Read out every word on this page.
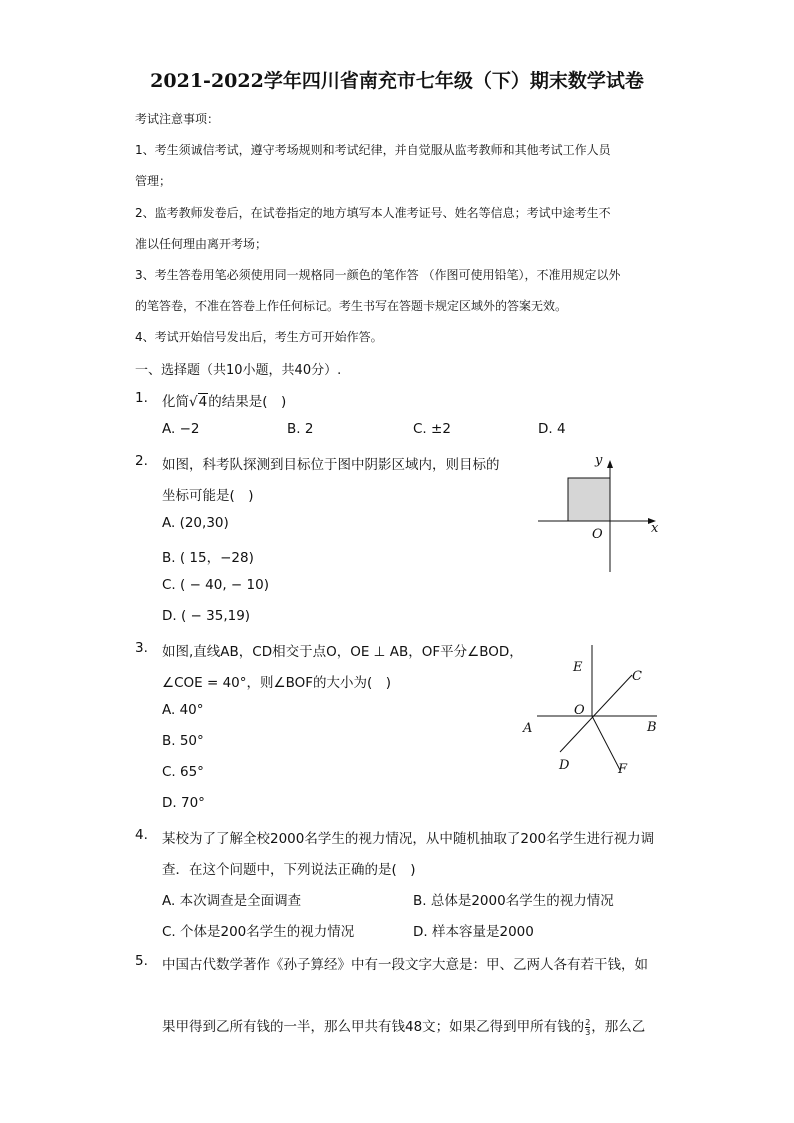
2021-2022学年四川省南充市七年级（下）期末数学试卷
考试注意事项：
1、考生须诚信考试，遵守考场规则和考试纪律，并自觉服从监考教师和其他考试工作人员
管理；
2、监考教师发卷后，在试卷指定的地方填写本人准考证号、姓名等信息；考试中途考生不
准以任何理由离开考场；
3、考生答卷用笔必须使用同一规格同一颜色的笔作答 （作图可使用铅笔），不准用规定以外
的笔答卷，不准在答卷上作任何标记。考生书写在答题卡规定区域外的答案无效。
4、考试开始信号发出后，考生方可开始作答。
一、选择题（共10小题，共40分）.
1. 化简√4的结果是(　)
A. −2	B. 2	C. ±2	D. 4
2. 如图，科考队探测到目标位于图中阴影区域内，则目标的
坐标可能是(　)
A. (20,30)
B. ( 15，−28)
C. ( − 40, − 10)
D. ( − 35,19)
y
x
O
3. 如图,直线AB，CD相交于点O，OE ⊥ AB，OF平分∠BOD，
∠COE = 40°，则∠BOF的大小为(　)
A. 40°
B. 50°
C. 65°
D. 70°
E
C
O
A	B
D	F
4. 某校为了了解全校2000名学生的视力情况，从中随机抽取了200名学生进行视力调
查．在这个问题中，下列说法正确的是(　)
A. 本次调查是全面调查	B. 总体是2000名学生的视力情况
C. 个体是200名学生的视力情况	D. 样本容量是2000
5. 中国古代数学著作《孙子算经》中有一段文字大意是：甲、乙两人各有若干钱，如
果甲得到乙所有钱的一半，那么甲共有钱48文；如果乙得到甲所有钱的 $\frac{2}{3}$ ，那么乙
